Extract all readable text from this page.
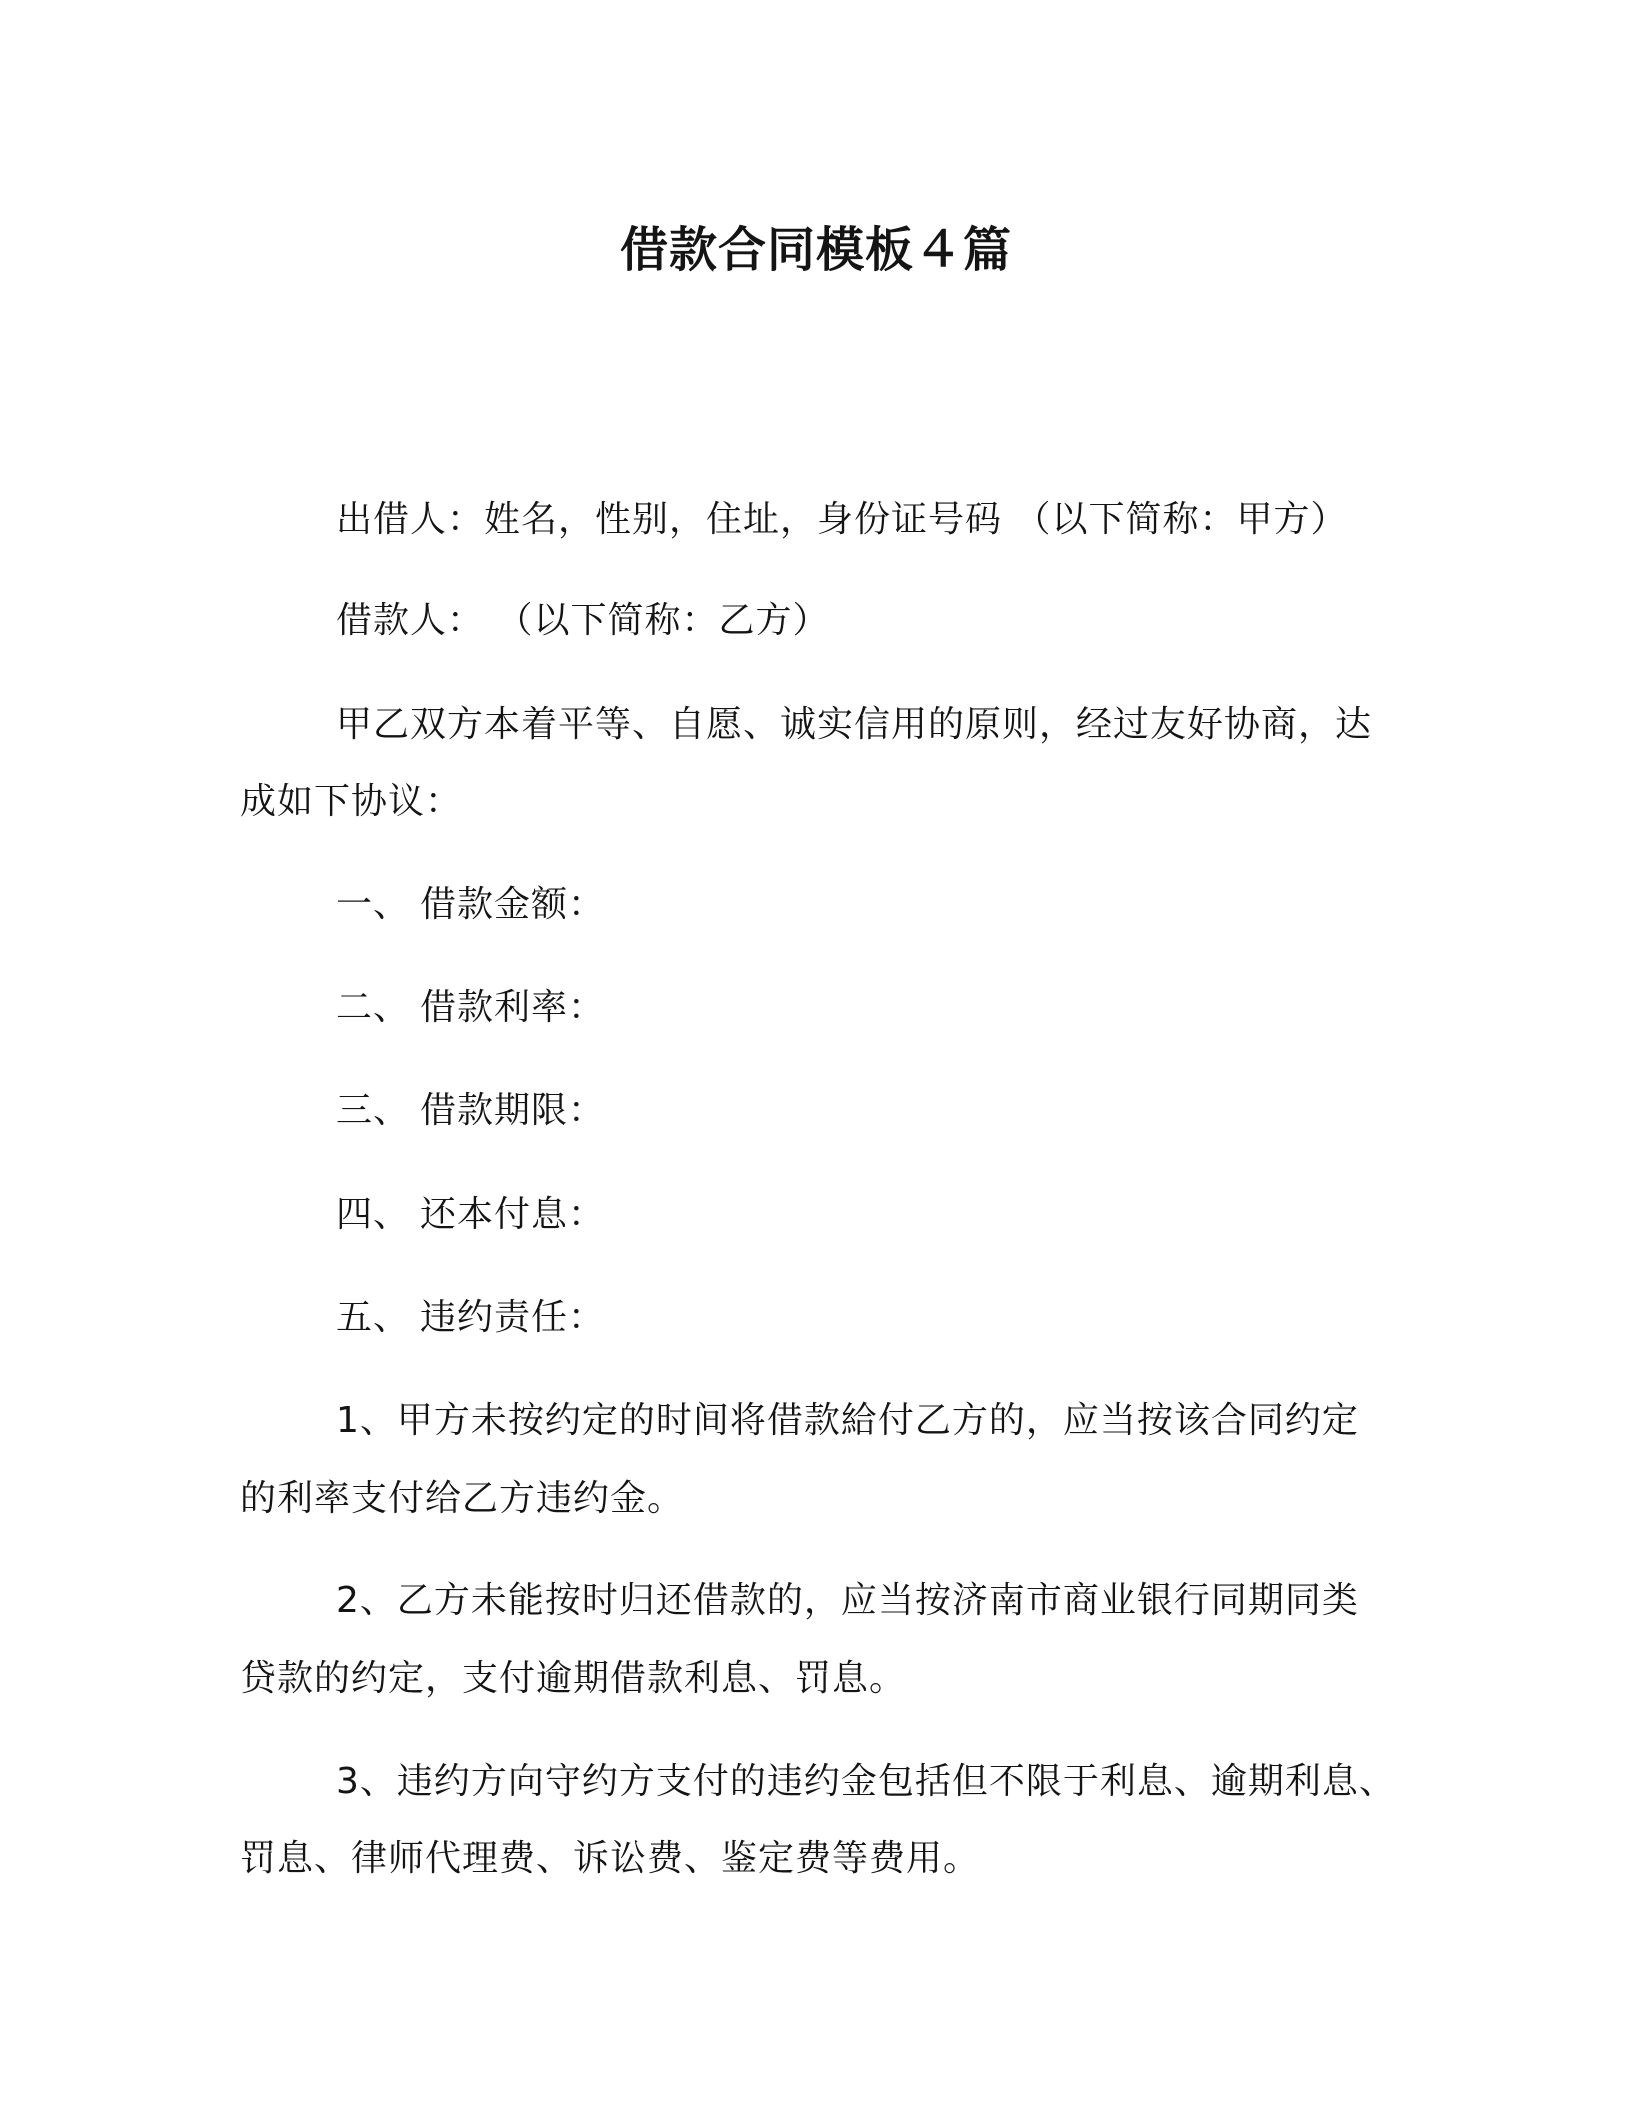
借款合同模板４篇
出借人：姓名，性别，住址，身份证号码 （以下简称：甲方）
借款人： （以下简称：乙方）
甲乙双方本着平等、自愿、诚实信用的原则，经过友好协商，达
成如下协议：
一、 借款金额：
二、 借款利率：
三、 借款期限：
四、 还本付息：
五、 违约责任：
1、甲方未按约定的时间将借款給付乙方的，应当按该合同约定
的利率支付给乙方违约金。
2、乙方未能按时归还借款的，应当按济南市商业银行同期同类
贷款的约定，支付逾期借款利息、罚息。
3、违约方向守约方支付的违约金包括但不限于利息、逾期利息、
罚息、律师代理费、诉讼费、鉴定费等费用。
